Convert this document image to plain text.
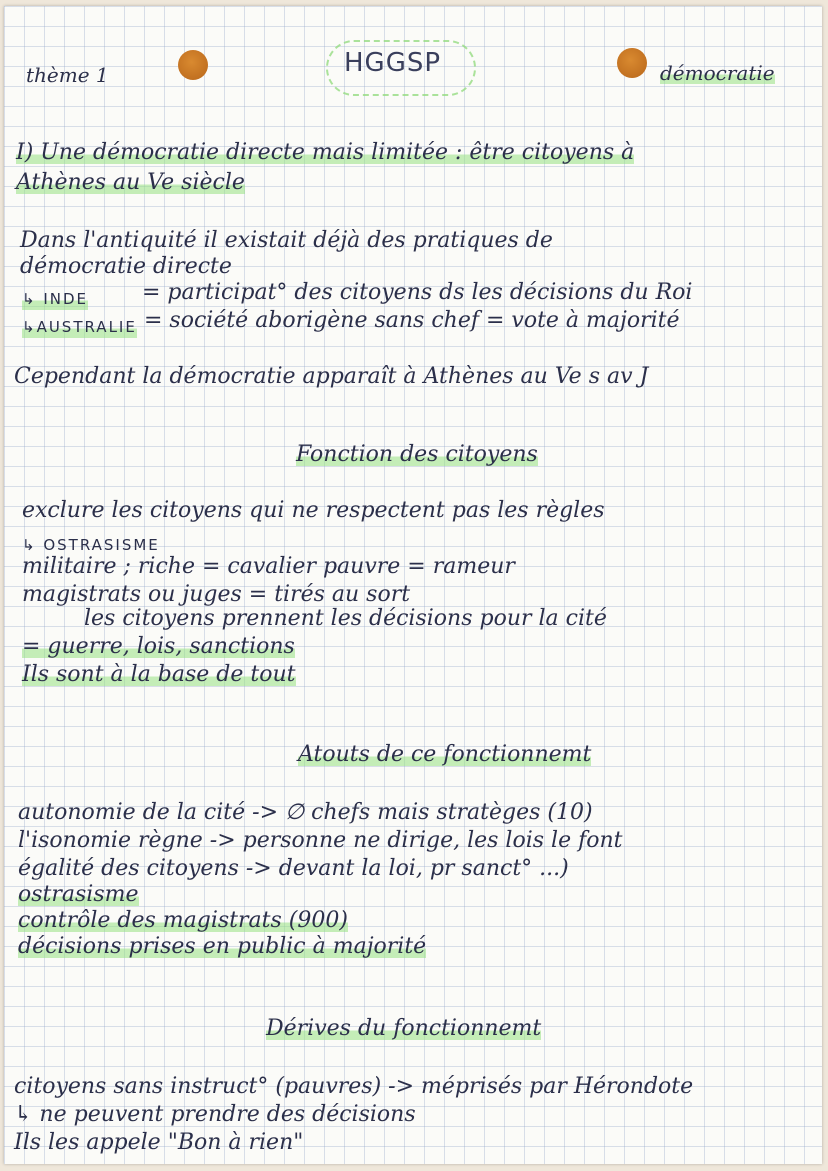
thème 1	HGGSP	démocratie
I) Une démocratie directe mais limitée : être citoyens à
Athènes au Ve siècle
Dans l'antiquité il existait déjà des pratiques de
démocratie directe
↳ INDE = participat° des citoyens ds les décisions du Roi
↳AUSTRALIE = société aborigène sans chef = vote à majorité
Cependant la démocratie apparaît à Athènes au Ve s av J
Fonction des citoyens
exclure les citoyens qui ne respectent pas les règles
↳ OSTRASISME
militaire ; riche = cavalier pauvre = rameur
magistrats ou juges = tirés au sort
les citoyens prennent les décisions pour la cité
= guerre, lois, sanctions
Ils sont à la base de tout
Atouts de ce fonctionnemt
autonomie de la cité -> ∅ chefs mais stratèges (10)
l'isonomie règne -> personne ne dirige, les lois le font
égalité des citoyens -> devant la loi, pr sanct° ...)
ostrasisme
contrôle des magistrats (900)
décisions prises en public à majorité
Dérives du fonctionnemt
citoyens sans instruct° (pauvres) -> méprisés par Hérondote
↳ ne peuvent prendre des décisions
Ils les appele "Bon à rien"
